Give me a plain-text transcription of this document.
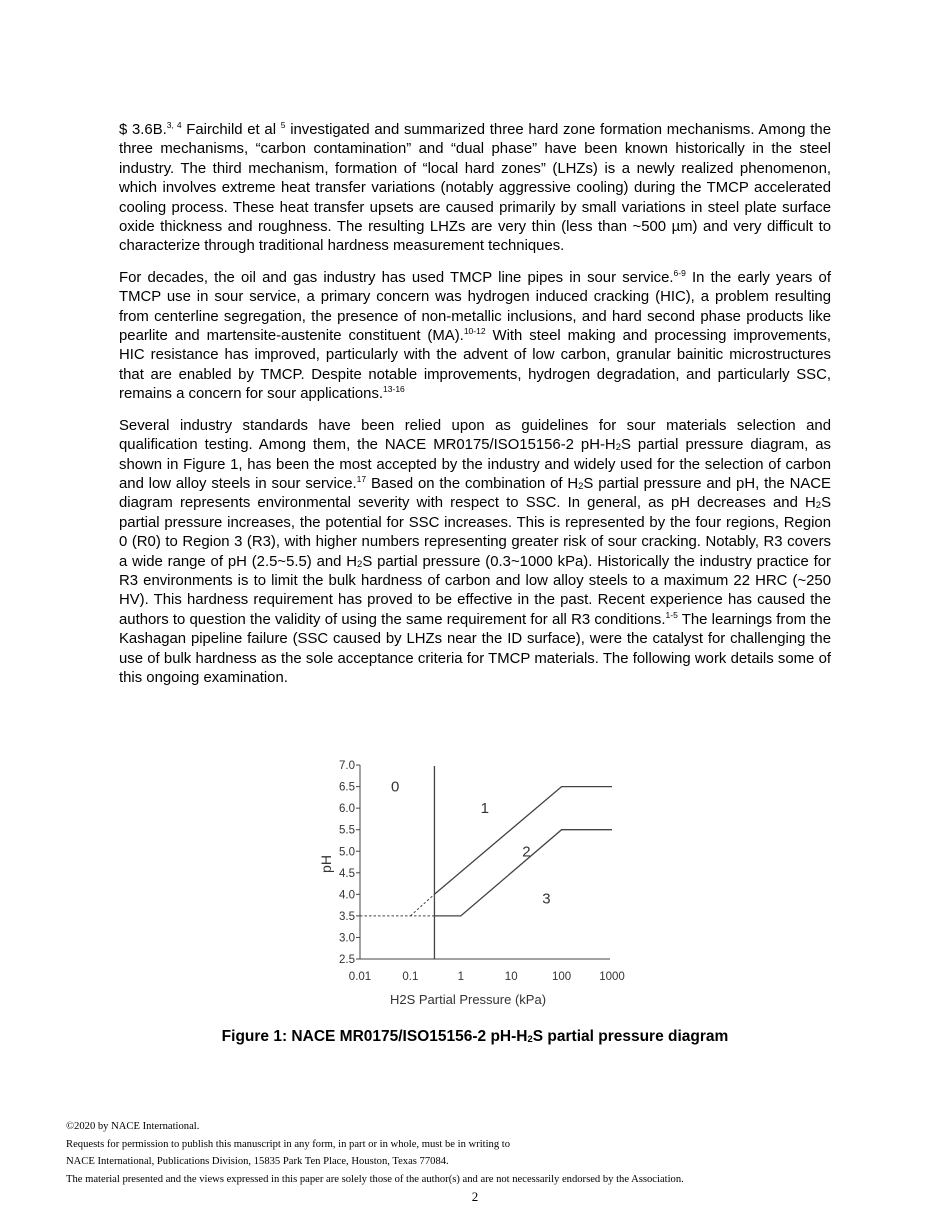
$ 3.6B.$^{3, 4}$ Fairchild et al $^5$ investigated and summarized three hard zone formation mechanisms. Among the three mechanisms, “carbon contamination” and “dual phase” have been known historically in the steel industry. The third mechanism, formation of “local hard zones” (LHZs) is a newly realized phenomenon, which involves extreme heat transfer variations (notably aggressive cooling) during the TMCP accelerated cooling process. These heat transfer upsets are caused primarily by small variations in steel plate surface oxide thickness and roughness. The resulting LHZs are very thin (less than ~500 µm) and very difficult to characterize through traditional hardness measurement techniques.

For decades, the oil and gas industry has used TMCP line pipes in sour service.$^{6-9}$ In the early years of TMCP use in sour service, a primary concern was hydrogen induced cracking (HIC), a problem resulting from centerline segregation, the presence of non-metallic inclusions, and hard second phase products like pearlite and martensite-austenite constituent (MA).$^{10-12}$ With steel making and processing improvements, HIC resistance has improved, particularly with the advent of low carbon, granular bainitic microstructures that are enabled by TMCP. Despite notable improvements, hydrogen degradation, and particularly SSC, remains a concern for sour applications.$^{13-16}$

Several industry standards have been relied upon as guidelines for sour materials selection and qualification testing. Among them, the NACE MR0175/ISO15156-2 $pH-H_2S$ partial pressure diagram, as shown in Figure 1, has been the most accepted by the industry and widely used for the selection of carbon and low alloy steels in sour service.$^{17}$ Based on the combination of $H_2S$ partial pressure and pH, the NACE diagram represents environmental severity with respect to SSC. In general, as pH decreases and $H_2S$ partial pressure increases, the potential for SSC increases. This is represented by the four regions, Region 0 (R0) to Region 3 (R3), with higher numbers representing greater risk of sour cracking. Notably, R3 covers a wide range of pH (2.5~5.5) and $H_2S$ partial pressure (0.3~1000 kPa). Historically the industry practice for R3 environments is to limit the bulk hardness of carbon and low alloy steels to a maximum 22 HRC (~250 HV). This hardness requirement has proved to be effective in the past. Recent experience has caused the authors to question the validity of using the same requirement for all R3 conditions.$^{1-5}$ The learnings from the Kashagan pipeline failure (SSC caused by LHZs near the ID surface), were the catalyst for challenging the use of bulk hardness as the sole acceptance criteria for TMCP materials. The following work details some of this ongoing examination.

2.5
3.0
3.5
4.0
4.5
5.0
5.5
6.0
6.5
7.0
0.01	0.1	1	10	100 1000
0
1
2
3
pH
H2S Partial Pressure (kPa)
Figure 1: NACE MR0175/ISO15156-2 $pH-H_2S$ partial pressure diagram
©2020 by NACE International.
Requests for permission to publish this manuscript in any form, in part or in whole, must be in writing to
NACE International, Publications Division, 15835 Park Ten Place, Houston, Texas 77084.
The material presented and the views expressed in this paper are solely those of the author(s) and are not necessarily endorsed by the Association.
2
